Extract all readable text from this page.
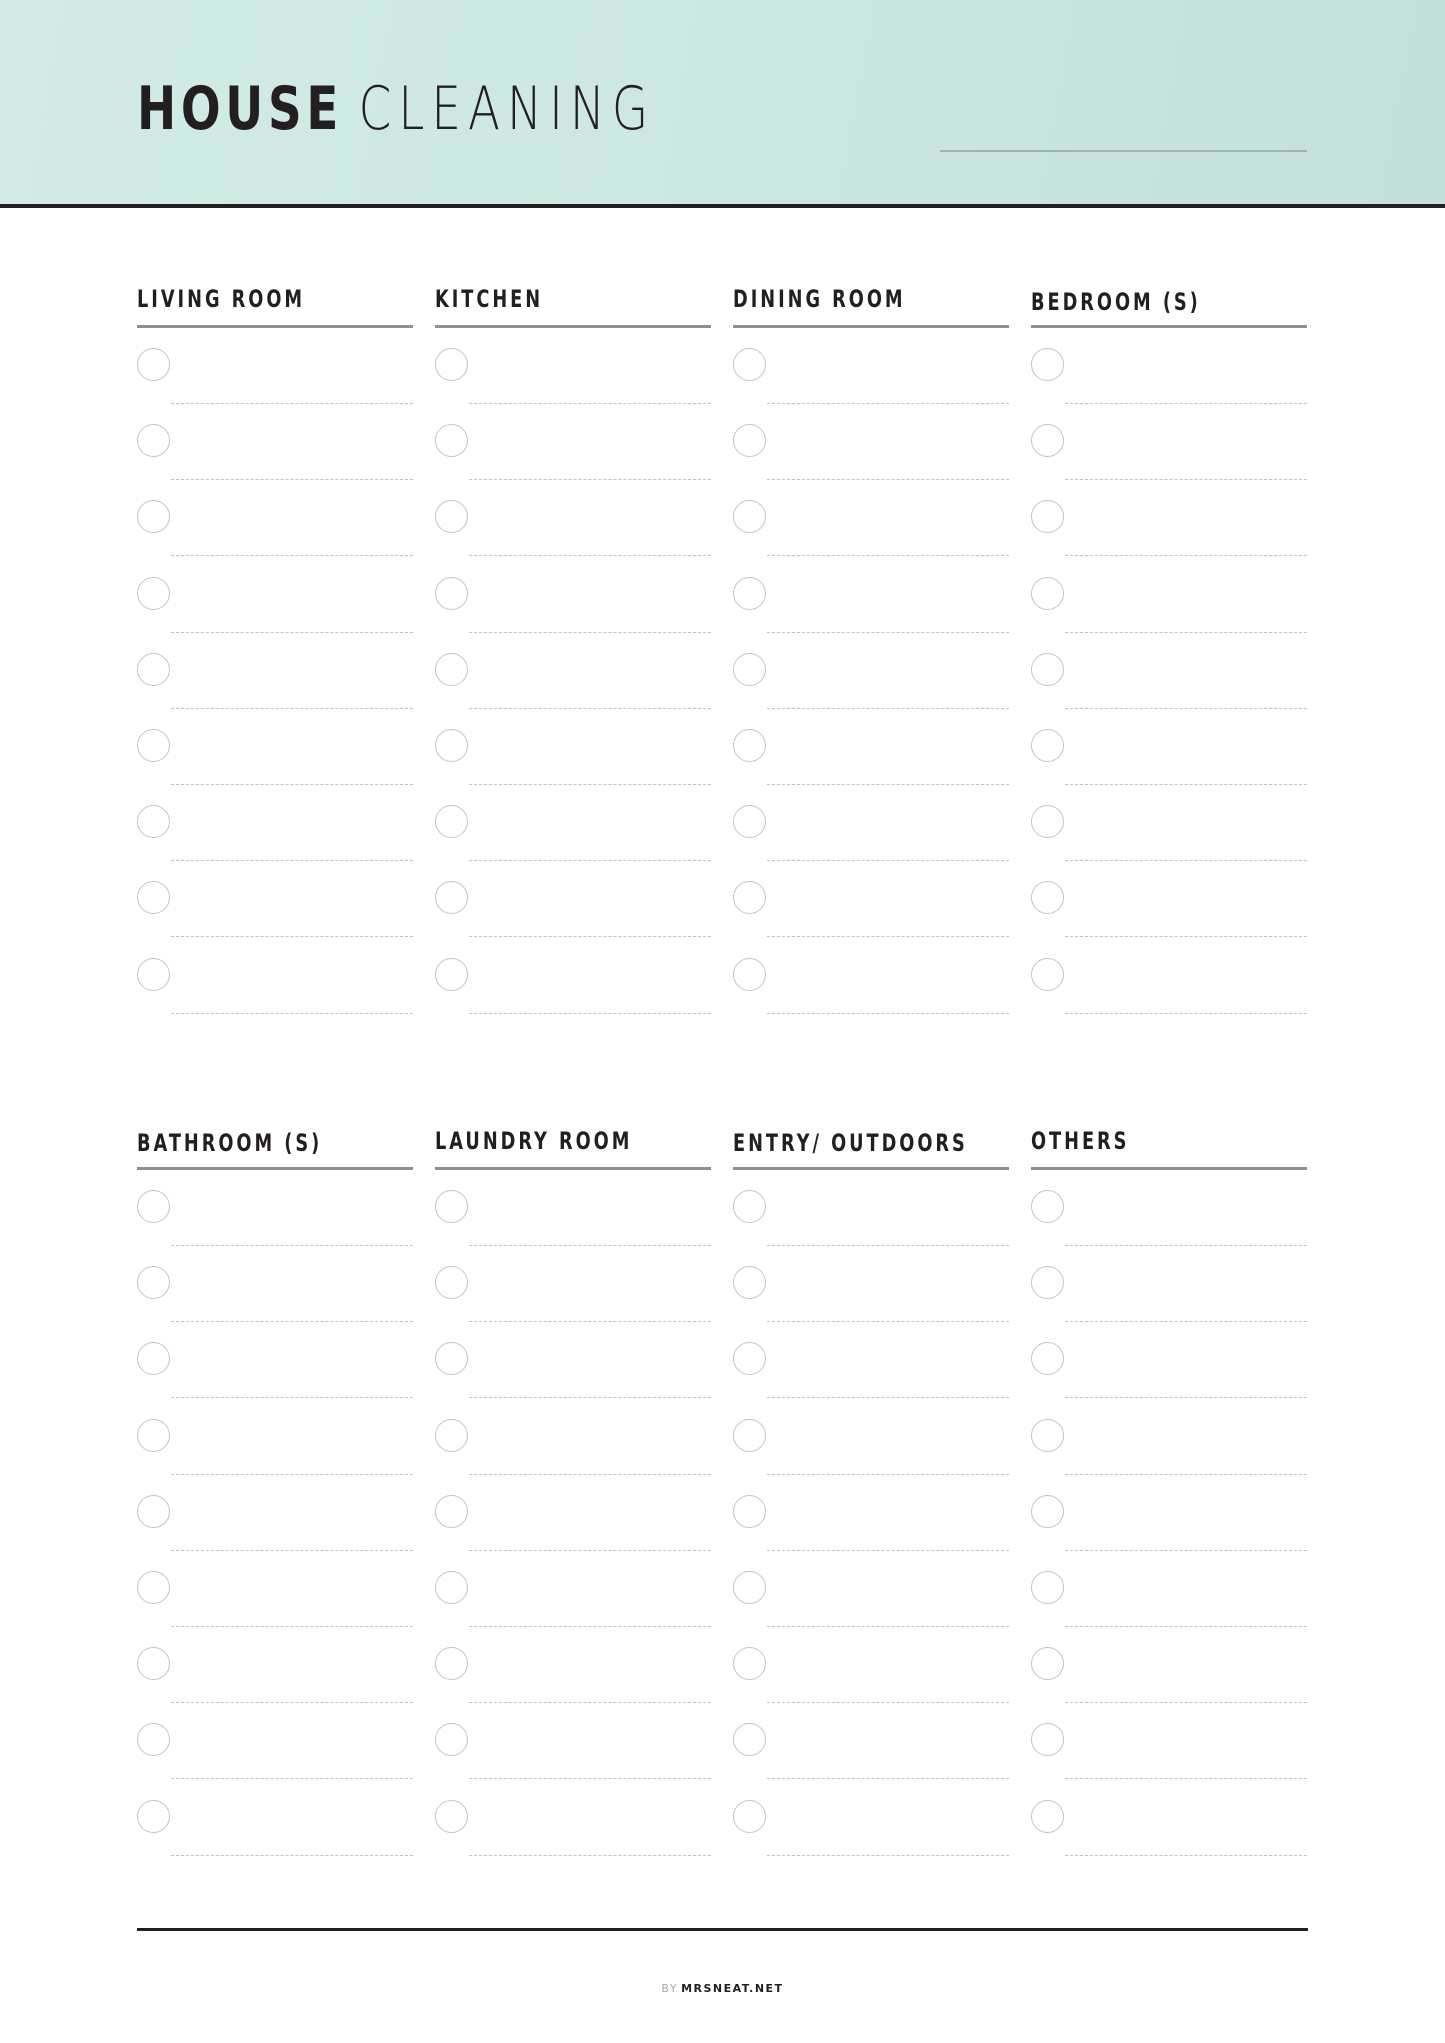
HOUSE CLEANING
LIVING ROOM	KITCHEN	DINING ROOM	BEDROOM (S)
BATHROOM (S)	LAUNDRY ROOM	ENTRY/ OUTDOORS	OTHERS
BY MRSNEAT.NET
